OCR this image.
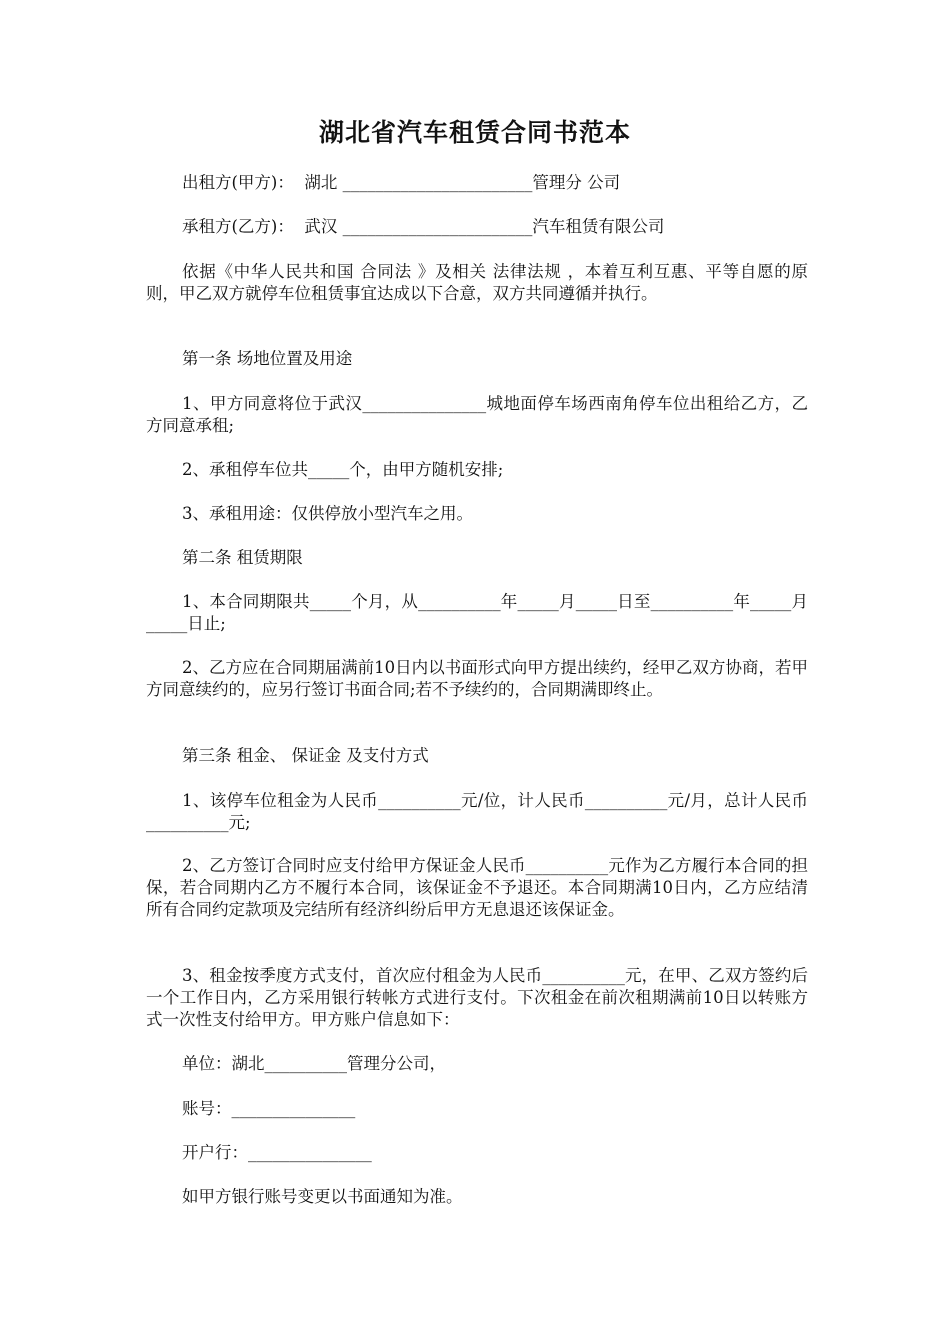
湖北省汽车租赁合同书范本
出租方(甲方)：  湖北 _______________________管理分 公司
承租方(乙方)：  武汉 _______________________汽车租赁有限公司
依据《中华人民共和国 合同法 》及相关 法律法规 ，本着互利互惠、平等自愿的原则，甲乙双方就停车位租赁事宜达成以下合意，双方共同遵循并执行。
第一条 场地位置及用途
1、甲方同意将位于武汉_______________城地面停车场西南角停车位出租给乙方，乙方同意承租;
2、承租停车位共_____个，由甲方随机安排;
3、承租用途：仅供停放小型汽车之用。
第二条 租赁期限
1、本合同期限共_____个月，从__________年_____月_____日至__________年_____月_____日止;
2、乙方应在合同期届满前10日内以书面形式向甲方提出续约，经甲乙双方协商，若甲方同意续约的，应另行签订书面合同;若不予续约的，合同期满即终止。
第三条 租金、 保证金 及支付方式
1、该停车位租金为人民币__________元/位，计人民币__________元/月，总计人民币__________元;
2、乙方签订合同时应支付给甲方保证金人民币__________元作为乙方履行本合同的担保，若合同期内乙方不履行本合同，该保证金不予退还。本合同期满10日内，乙方应结清所有合同约定款项及完结所有经济纠纷后甲方无息退还该保证金。
3、租金按季度方式支付，首次应付租金为人民币__________元，在甲、乙双方签约后一个工作日内，乙方采用银行转帐方式进行支付。下次租金在前次租期满前10日以转账方式一次性支付给甲方。甲方账户信息如下：
单位：湖北__________管理分公司，
账号：_______________
开户行：_______________
如甲方银行账号变更以书面通知为准。
